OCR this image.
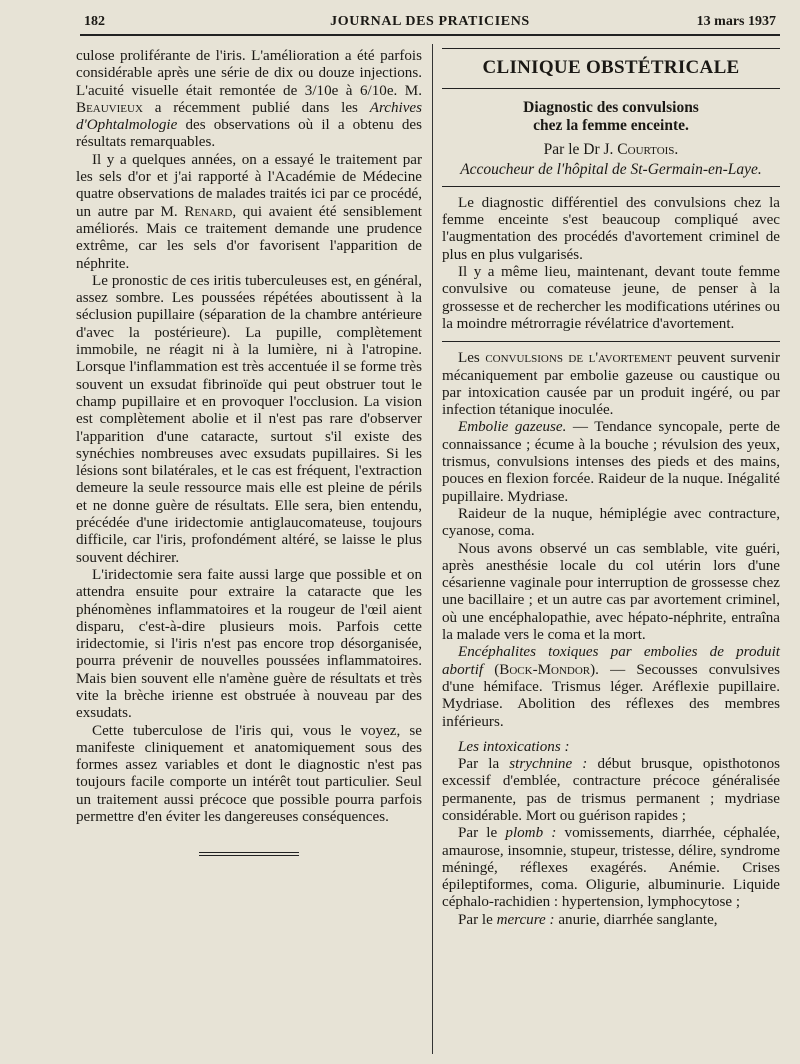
182	JOURNAL DES PRATICIENS	13 mars 1937

culose proliférante de l'iris. L'amélioration a été parfois considérable après une série de dix ou douze injections. L'acuité visuelle était remontée de 3/10e à 6/10e. M. Beauvieux a récemment publié dans les Archives d'Ophtalmologie des observations où il a obtenu des résultats remarquables.

Il y a quelques années, on a essayé le traitement par les sels d'or et j'ai rapporté à l'Académie de Médecine quatre observations de malades traités ici par ce procédé, un autre par M. Renard, qui avaient été sensiblement améliorés. Mais ce traitement demande une prudence extrême, car les sels d'or favorisent l'apparition de néphrite.

Le pronostic de ces iritis tuberculeuses est, en général, assez sombre. Les poussées répétées aboutissent à la séclusion pupillaire (séparation de la chambre antérieure d'avec la postérieure). La pupille, complètement immobile, ne réagit ni à la lumière, ni à l'atropine. Lorsque l'inflammation est très accentuée il se forme très souvent un exsudat fibrinoïde qui peut obstruer tout le champ pupillaire et en provoquer l'occlusion. La vision est complètement abolie et il n'est pas rare d'observer l'apparition d'une cataracte, surtout s'il existe des synéchies nombreuses avec exsudats pupillaires. Si les lésions sont bilatérales, et le cas est fréquent, l'extraction demeure la seule ressource mais elle est pleine de périls et ne donne guère de résultats. Elle sera, bien entendu, précédée d'une iridectomie antiglaucomateuse, toujours difficile, car l'iris, profondément altéré, se laisse le plus souvent déchirer.

L'iridectomie sera faite aussi large que possible et on attendra ensuite pour extraire la cataracte que les phénomènes inflammatoires et la rougeur de l'œil aient disparu, c'est-à-dire plusieurs mois. Parfois cette iridectomie, si l'iris n'est pas encore trop désorganisée, pourra prévenir de nouvelles poussées inflammatoires. Mais bien souvent elle n'amène guère de résultats et très vite la brèche irienne est obstruée à nouveau par des exsudats.

Cette tuberculose de l'iris qui, vous le voyez, se manifeste cliniquement et anatomiquement sous des formes assez variables et dont le diagnostic n'est pas toujours facile comporte un intérêt tout particulier. Seul un traitement aussi précoce que possible pourra parfois permettre d'en éviter les dangereuses conséquences.

CLINIQUE OBSTÉTRICALE
Diagnostic des convulsions
chez la femme enceinte.
Par le Dr J. Courtois.
Accoucheur de l'hôpital de St-Germain-en-Laye.

Le diagnostic différentiel des convulsions chez la femme enceinte s'est beaucoup compliqué avec l'augmentation des procédés d'avortement criminel de plus en plus vulgarisés.

Il y a même lieu, maintenant, devant toute femme convulsive ou comateuse jeune, de penser à la grossesse et de rechercher les modifications utérines ou la moindre métrorragie révélatrice d'avortement.

Les convulsions de l'avortement peuvent survenir mécaniquement par embolie gazeuse ou caustique ou par intoxication causée par un produit ingéré, ou par infection tétanique inoculée.

Embolie gazeuse. — Tendance syncopale, perte de connaissance ; écume à la bouche ; révulsion des yeux, trismus, convulsions intenses des pieds et des mains, pouces en flexion forcée. Raideur de la nuque. Inégalité pupillaire. Mydriase.

Raideur de la nuque, hémiplégie avec contracture, cyanose, coma.

Nous avons observé un cas semblable, vite guéri, après anesthésie locale du col utérin lors d'une césarienne vaginale pour interruption de grossesse chez une bacillaire ; et un autre cas par avortement criminel, où une encéphalopathie, avec hépato-néphrite, entraîna la malade vers le coma et la mort.

Encéphalites toxiques par embolies de produit abortif (Bock-Mondor). — Secousses convulsives d'une hémiface. Trismus léger. Aréflexie pupillaire. Mydriase. Abolition des réflexes des membres inférieurs.

Les intoxications :

Par la strychnine : début brusque, opisthotonos excessif d'emblée, contracture précoce généralisée permanente, pas de trismus permanent ; mydriase considérable. Mort ou guérison rapides ;

Par le plomb : vomissements, diarrhée, céphalée, amaurose, insomnie, stupeur, tristesse, délire, syndrome méningé, réflexes exagérés. Anémie. Crises épileptiformes, coma. Oligurie, albuminurie. Liquide céphalo-rachidien : hypertension, lymphocytose ;

Par le mercure : anurie, diarrhée sanglante,
